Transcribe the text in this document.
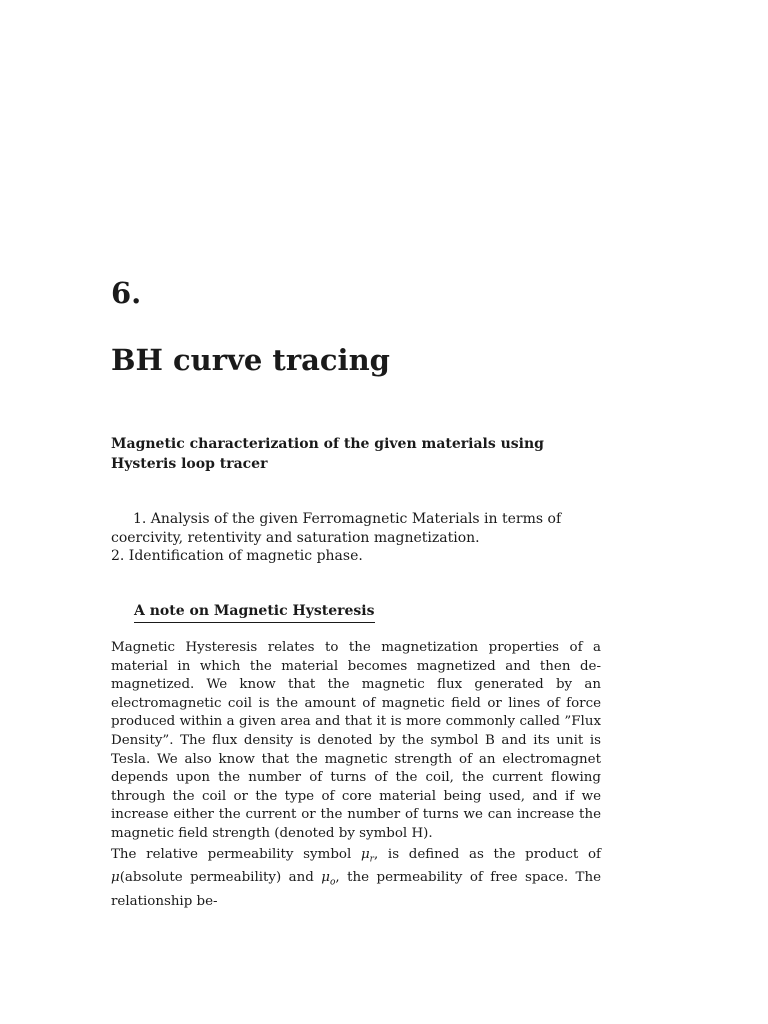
6.
BH curve tracing

Magnetic characterization of the given materials using Hysteris loop tracer

1. Analysis of the given Ferromagnetic Materials in terms of coercivity, retentivity and saturation magnetization.
2. Identification of magnetic phase.
A note on Magnetic Hysteresis

Magnetic Hysteresis relates to the magnetization properties of a material in which the material becomes magnetized and then de-magnetized. We know that the magnetic flux generated by an electromagnetic coil is the amount of magnetic field or lines of force produced within a given area and that it is more commonly called ”Flux Density”. The flux density is denoted by the symbol B and its unit is Tesla. We also know that the magnetic strength of an electromagnet depends upon the number of turns of the coil, the current flowing through the coil or the type of core material being used, and if we increase either the current or the number of turns we can increase the magnetic field strength (denoted by symbol H).

The relative permeability symbol $\mu_r$, is defined as the product of μ(absolute permeability) and $\mu_o$, the permeability of free space. The relationship be-
